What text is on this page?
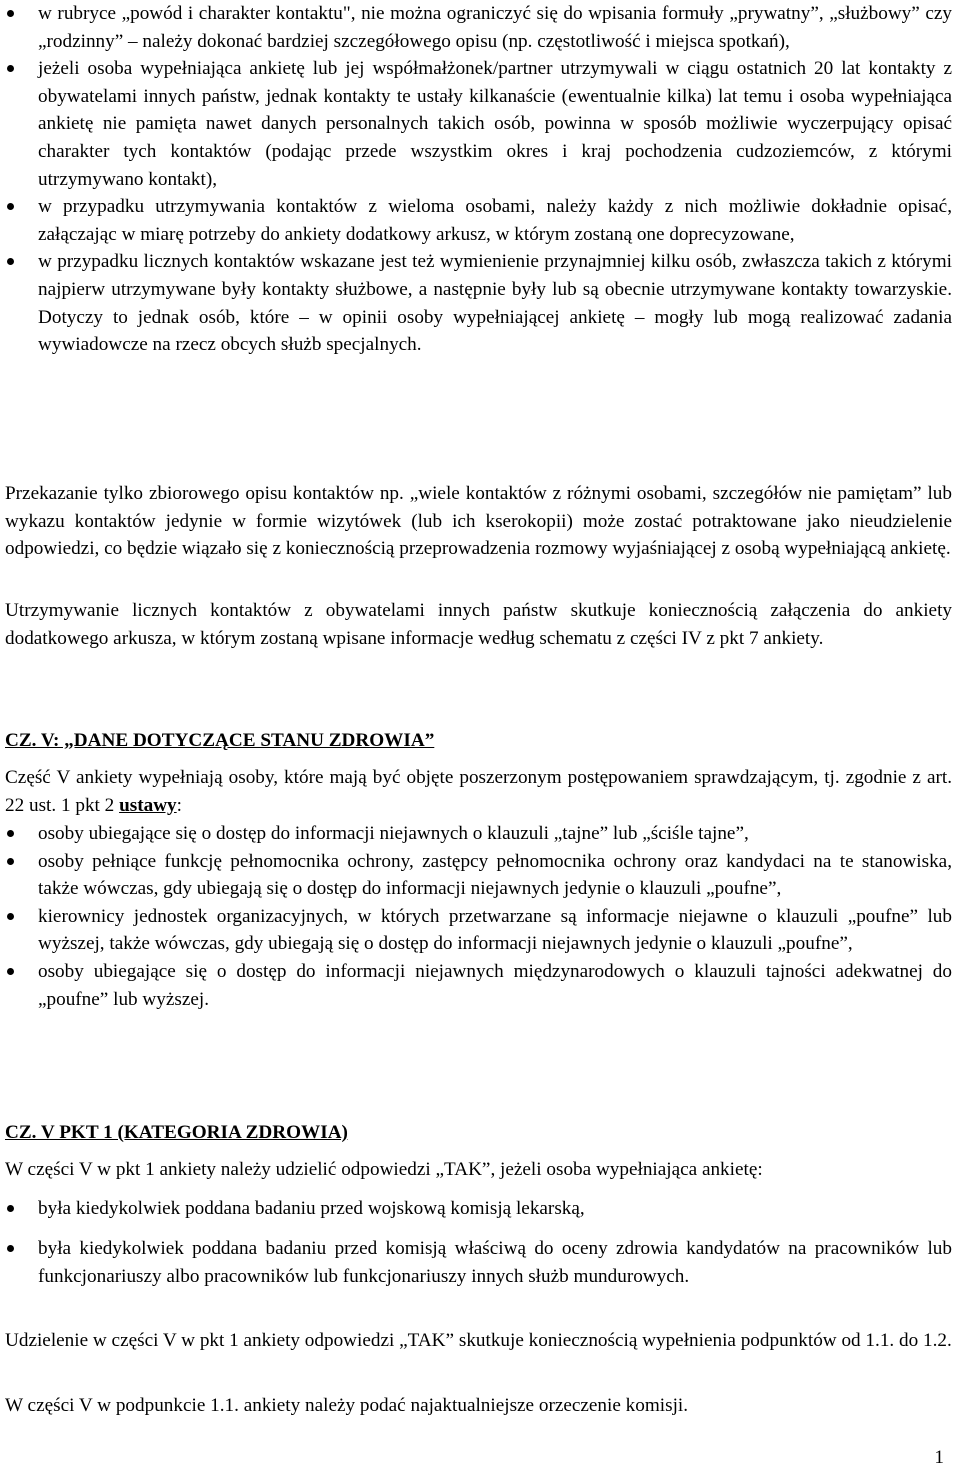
w rubryce „powód i charakter kontaktu", nie można ograniczyć się do wpisania formuły „prywatny”, „służbowy” czy „rodzinny” – należy dokonać bardziej szczegółowego opisu (np. częstotliwość i miejsca spotkań),
jeżeli osoba wypełniająca ankietę lub jej współmałżonek/partner utrzymywali w ciągu ostatnich 20 lat kontakty z obywatelami innych państw, jednak kontakty te ustały kilkanaście (ewentualnie kilka) lat temu i osoba wypełniająca ankietę nie pamięta nawet danych personalnych takich osób, powinna w sposób możliwie wyczerpujący opisać charakter tych kontaktów (podając przede wszystkim okres i kraj pochodzenia cudzoziemców, z którymi utrzymywano kontakt),
w przypadku utrzymywania kontaktów z wieloma osobami, należy każdy z nich możliwie dokładnie opisać, załączając w miarę potrzeby do ankiety dodatkowy arkusz, w którym zostaną one doprecyzowane,
w przypadku licznych kontaktów wskazane jest też wymienienie przynajmniej kilku osób, zwłaszcza takich z którymi najpierw utrzymywane były kontakty służbowe, a następnie były lub są obecnie utrzymywane kontakty towarzyskie. Dotyczy to jednak osób, które – w opinii osoby wypełniającej ankietę – mogły lub mogą realizować zadania wywiadowcze na rzecz obcych służb specjalnych.

Przekazanie tylko zbiorowego opisu kontaktów np. „wiele kontaktów z różnymi osobami, szczegółów nie pamiętam” lub wykazu kontaktów jedynie w formie wizytówek (lub ich kserokopii) może zostać potraktowane jako nieudzielenie odpowiedzi, co będzie wiązało się z koniecznością przeprowadzenia rozmowy wyjaśniającej z osobą wypełniającą ankietę.

Utrzymywanie licznych kontaktów z obywatelami innych państw skutkuje koniecznością załączenia do ankiety dodatkowego arkusza, w którym zostaną wpisane informacje według schematu z części IV z pkt 7 ankiety.

CZ. V: „DANE DOTYCZĄCE STANU ZDROWIA”

Część V ankiety wypełniają osoby, które mają być objęte poszerzonym postępowaniem sprawdzającym, tj. zgodnie z art. 22 ust. 1 pkt 2 ustawy:

osoby ubiegające się o dostęp do informacji niejawnych o klauzuli „tajne” lub „ściśle tajne”,
osoby pełniące funkcję pełnomocnika ochrony, zastępcy pełnomocnika ochrony oraz kandydaci na te stanowiska, także wówczas, gdy ubiegają się o dostęp do informacji niejawnych jedynie o klauzuli „poufne”,
kierownicy jednostek organizacyjnych, w których przetwarzane są informacje niejawne o klauzuli „poufne” lub wyższej, także wówczas, gdy ubiegają się o dostęp do informacji niejawnych jedynie o klauzuli „poufne”,
osoby ubiegające się o dostęp do informacji niejawnych międzynarodowych o klauzuli tajności adekwatnej do „poufne” lub wyższej.

CZ. V PKT 1 (KATEGORIA ZDROWIA)

W części V w pkt 1 ankiety należy udzielić odpowiedzi „TAK”, jeżeli osoba wypełniająca ankietę:

była kiedykolwiek poddana badaniu przed wojskową komisją lekarską,
była kiedykolwiek poddana badaniu przed komisją właściwą do oceny zdrowia kandydatów na pracowników lub funkcjonariuszy albo pracowników lub funkcjonariuszy innych służb mundurowych.

Udzielenie w części V w pkt 1 ankiety odpowiedzi „TAK” skutkuje koniecznością wypełnienia podpunktów od 1.1. do 1.2.

W części V w podpunkcie 1.1. ankiety należy podać najaktualniejsze orzeczenie komisji.

1
